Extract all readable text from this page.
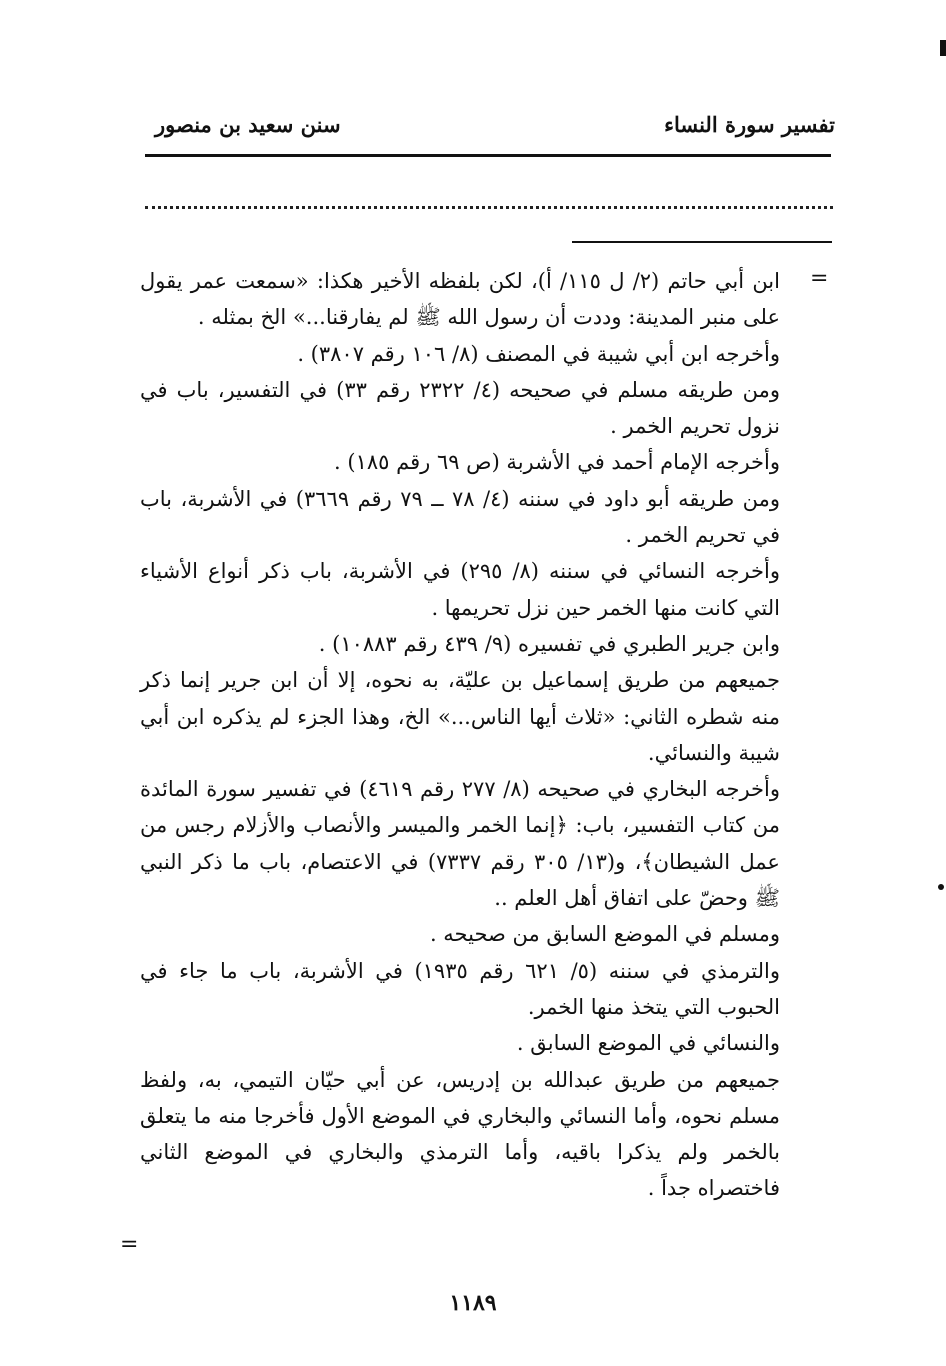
تفسير سورة النساء
سنن سعيد بن منصور
=

ابن أبي حاتم (٢/ ل ١١٥/ أ)، لكن بلفظه الأخير هكذا: «سمعت عمر يقول على منبر المدينة: وددت أن رسول الله ﷺ لم يفارقنا...» الخ بمثله .

وأخرجه ابن أبي شيبة في المصنف (٨/ ١٠٦ رقم ٣٨٠٧) .

ومن طريقه مسلم في صحيحه (٤/ ٢٣٢٢ رقم ٣٣) في التفسير، باب في نزول تحريم الخمر .

وأخرجه الإمام أحمد في الأشربة (ص ٦٩ رقم ١٨٥) .

ومن طريقه أبو داود في سننه (٤/ ٧٨ ــ ٧٩ رقم ٣٦٦٩) في الأشربة، باب في تحريم الخمر .

وأخرجه النسائي في سننه (٨/ ٢٩٥) في الأشربة، باب ذكر أنواع الأشياء التي كانت منها الخمر حين نزل تحريمها .

وابن جرير الطبري في تفسيره (٩/ ٤٣٩ رقم ١٠٨٨٣) .

جميعهم من طريق إسماعيل بن عليّة، به نحوه، إلا أن ابن جرير إنما ذكر منه شطره الثاني: «ثلاث أيها الناس...» الخ، وهذا الجزء لم يذكره ابن أبي شيبة والنسائي.

وأخرجه البخاري في صحيحه (٨/ ٢٧٧ رقم ٤٦١٩) في تفسير سورة المائدة من كتاب التفسير، باب: ﴿إنما الخمر والميسر والأنصاب والأزلام رجس من عمل الشيطان﴾، و(١٣/ ٣٠٥ رقم ٧٣٣٧) في الاعتصام، باب ما ذكر النبي ﷺ وحضّ على اتفاق أهل العلم ..

ومسلم في الموضع السابق من صحيحه .

والترمذي في سننه (٥/ ٦٢١ رقم ١٩٣٥) في الأشربة، باب ما جاء في الحبوب التي يتخذ منها الخمر.

والنسائي في الموضع السابق .

جميعهم من طريق عبدالله بن إدريس، عن أبي حيّان التيمي، به، ولفظ مسلم نحوه، وأما النسائي والبخاري في الموضع الأول فأخرجا منه ما يتعلق بالخمر ولم يذكرا باقيه، وأما الترمذي والبخاري في الموضع الثاني فاختصراه جداً .

=
١١٨٩
